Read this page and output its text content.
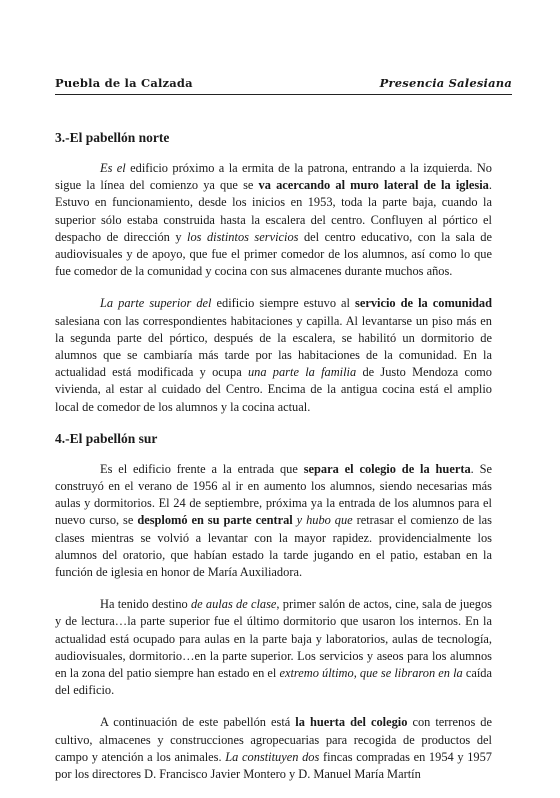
Puebla de la Calzada	Presencia Salesiana
3.-El pabellón norte

Es el edificio próximo a la ermita de la patrona, entrando a la izquierda. No sigue la línea del comienzo ya que se va acercando al muro lateral de la iglesia. Estuvo en funcionamiento, desde los inicios en 1953, toda la parte baja, cuando la superior sólo estaba construida hasta la escalera del centro. Confluyen al pórtico el despacho de dirección y los distintos servicios del centro educativo, con la sala de audiovisuales y de apoyo, que fue el primer comedor de los alumnos, así como lo que fue comedor de la comunidad y cocina con sus almacenes durante muchos años.

La parte superior del edificio siempre estuvo al servicio de la comunidad salesiana con las correspondientes habitaciones y capilla. Al levantarse un piso más en la segunda parte del pórtico, después de la escalera, se habilitó un dormitorio de alumnos que se cambiaría más tarde por las habitaciones de la comunidad. En la actualidad está modificada y ocupa una parte la familia de Justo Mendoza como vivienda, al estar al cuidado del Centro. Encima de la antigua cocina está el amplio local de comedor de los alumnos y la cocina actual.

4.-El pabellón sur

Es el edificio frente a la entrada que separa el colegio de la huerta. Se construyó en el verano de 1956 al ir en aumento los alumnos, siendo necesarias más aulas y dormitorios. El 24 de septiembre, próxima ya la entrada de los alumnos para el nuevo curso, se desplomó en su parte central y hubo que retrasar el comienzo de las clases mientras se volvió a levantar con la mayor rapidez. providencialmente los alumnos del oratorio, que habían estado la tarde jugando en el patio, estaban en la función de iglesia en honor de María Auxiliadora.

Ha tenido destino de aulas de clase, primer salón de actos, cine, sala de juegos y de lectura…la parte superior fue el último dormitorio que usaron los internos. En la actualidad está ocupado para aulas en la parte baja y laboratorios, aulas de tecnología, audiovisuales, dormitorio…en la parte superior. Los servicios y aseos para los alumnos en la zona del patio siempre han estado en el extremo último, que se libraron en la caída del edificio.

A continuación de este pabellón está la huerta del colegio con terrenos de cultivo, almacenes y construcciones agropecuarias para recogida de productos del campo y atención a los animales. La constituyen dos fincas compradas en 1954 y 1957 por los directores D. Francisco Javier Montero y D. Manuel María Martín
